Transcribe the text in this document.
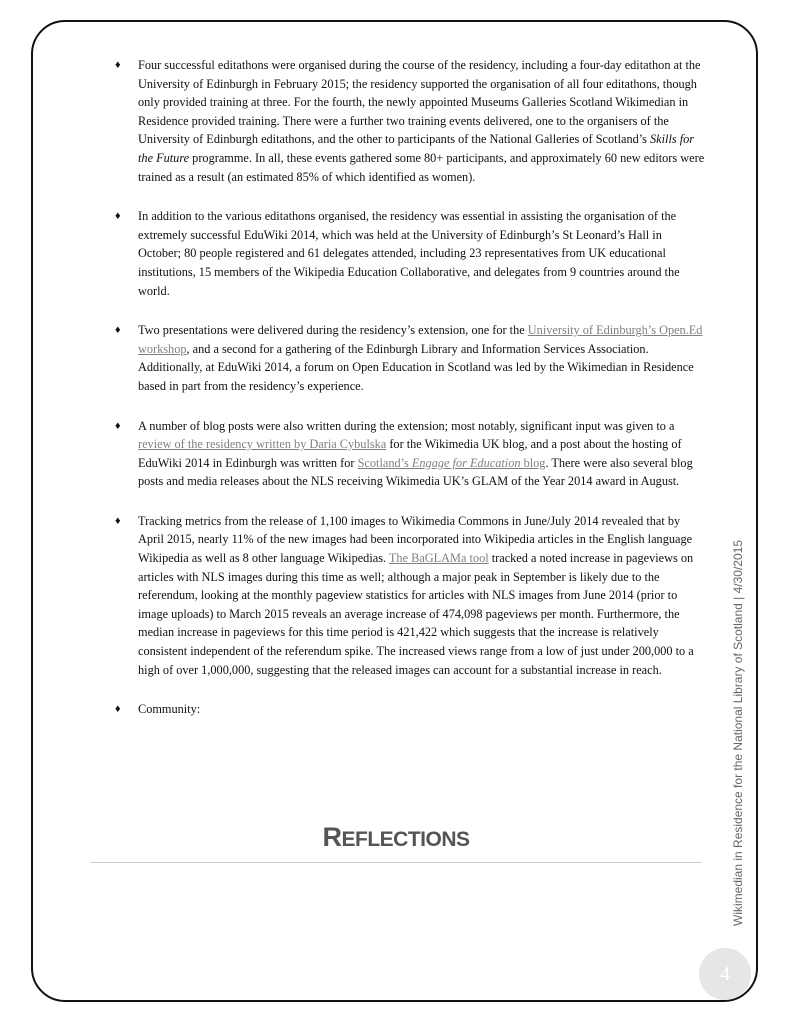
♦ Four successful editathons were organised during the course of the residency, including a four-day editathon at the University of Edinburgh in February 2015; the residency supported the organisation of all four editathons, though only provided training at three. For the fourth, the newly appointed Museums Galleries Scotland Wikimedian in Residence provided training. There were a further two training events delivered, one to the organisers of the University of Edinburgh editathons, and the other to participants of the National Galleries of Scotland’s Skills for the Future programme. In all, these events gathered some 80+ participants, and approximately 60 new editors were trained as a result (an estimated 85% of which identified as women).
♦ In addition to the various editathons organised, the residency was essential in assisting the organisation of the extremely successful EduWiki 2014, which was held at the University of Edinburgh’s St Leonard’s Hall in October; 80 people registered and 61 delegates attended, including 23 representatives from UK educational institutions, 15 members of the Wikipedia Education Collaborative, and delegates from 9 countries around the world.
♦ Two presentations were delivered during the residency’s extension, one for the University of Edinburgh’s Open.Ed workshop, and a second for a gathering of the Edinburgh Library and Information Services Association. Additionally, at EduWiki 2014, a forum on Open Education in Scotland was led by the Wikimedian in Residence based in part from the residency’s experience.
♦ A number of blog posts were also written during the extension; most notably, significant input was given to a review of the residency written by Daria Cybulska for the Wikimedia UK blog, and a post about the hosting of EduWiki 2014 in Edinburgh was written for Scotland’s Engage for Education blog. There were also several blog posts and media releases about the NLS receiving Wikimedia UK’s GLAM of the Year 2014 award in August.
♦ Tracking metrics from the release of 1,100 images to Wikimedia Commons in June/July 2014 revealed that by April 2015, nearly 11% of the new images had been incorporated into Wikipedia articles in the English language Wikipedia as well as 8 other language Wikipedias. The BaGLAMa tool tracked a noted increase in pageviews on articles with NLS images during this time as well; although a major peak in September is likely due to the referendum, looking at the monthly pageview statistics for articles with NLS images from June 2014 (prior to image uploads) to March 2015 reveals an average increase of 474,098 pageviews per month. Furthermore, the median increase in pageviews for this time period is 421,422 which suggests that the increase is relatively consistent independent of the referendum spike. The increased views range from a low of just under 200,000 to a high of over 1,000,000, suggesting that the released images can account for a substantial increase in reach.
♦ Community:
REFLECTIONS	Wikimedian in Residence for the National Library of Scotland | 4/30/2015
4
